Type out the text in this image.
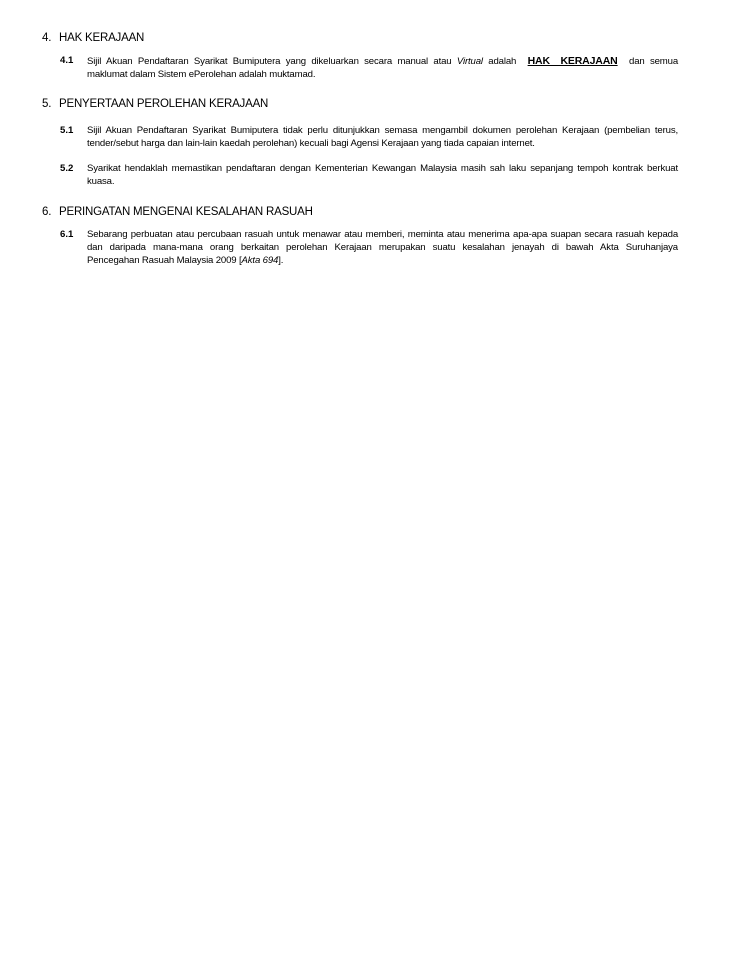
4. HAK KERAJAAN
4.1 Sijil Akuan Pendaftaran Syarikat Bumiputera yang dikeluarkan secara manual atau Virtual adalah HAK KERAJAAN dan semua
maklumat dalam Sistem ePerolehan adalah muktamad.
5. PENYERTAAN PEROLEHAN KERAJAAN
5.1 Sijil Akuan Pendaftaran Syarikat Bumiputera tidak perlu ditunjukkan semasa mengambil dokumen perolehan Kerajaan (pembelian terus,
tender/sebut harga dan lain-lain kaedah perolehan) kecuali bagi Agensi Kerajaan yang tiada capaian internet.
5.2 Syarikat hendaklah memastikan pendaftaran dengan Kementerian Kewangan Malaysia masih sah laku sepanjang tempoh kontrak berkuat
kuasa.
6. PERINGATAN MENGENAI KESALAHAN RASUAH
6.1 Sebarang perbuatan atau percubaan rasuah untuk menawar atau memberi, meminta atau menerima apa-apa suapan secara rasuah kepada
dan daripada mana-mana orang berkaitan perolehan Kerajaan merupakan suatu kesalahan jenayah di bawah Akta Suruhanjaya
Pencegahan Rasuah Malaysia 2009 [Akta 694].
